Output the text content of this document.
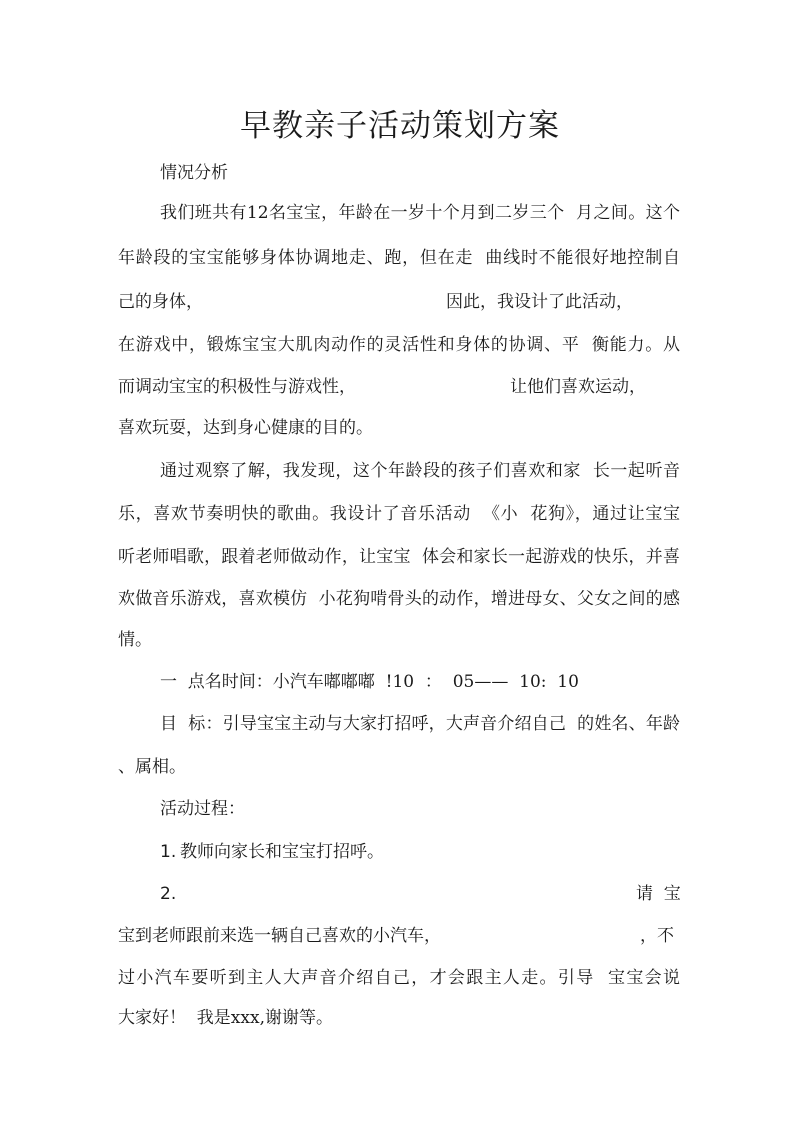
早教亲子活动策划方案
情况分析
我们班共有12名宝宝，年龄在一岁十个月到二岁三个  月之间。这个
年龄段的宝宝能够身体协调地走、跑，但在走  曲线时不能很好地控制自
己的身体，	因此，我设计了此活动，
在游戏中，锻炼宝宝大肌肉动作的灵活性和身体的协调、平  衡能力。从
而调动宝宝的积极性与游戏性，	让他们喜欢运动，
喜欢玩耍，达到身心健康的目的。
通过观察了解，我发现，这个年龄段的孩子们喜欢和家  长一起听音
乐，喜欢节奏明快的歌曲。我设计了音乐活动  《小  花狗》，通过让宝宝
听老师唱歌，跟着老师做动作，让宝宝  体会和家长一起游戏的快乐，并喜
欢做音乐游戏，喜欢模仿  小花狗啃骨头的动作，增进母女、父女之间的感
情。
一  点名时间：小汽车嘟嘟嘟  !10  ：  05——  10:  10
目  标：引导宝宝主动与大家打招呼，大声音介绍自己  的姓名、年龄
、属相。
活动过程：
1. 教师向家长和宝宝打招呼。
2.	请  宝
宝到老师跟前来选一辆自己喜欢的小汽车，	，不
过小汽车要听到主人大声音介绍自己，才会跟主人走。引导  宝宝会说
大家好！  我是xxx,谢谢等。
